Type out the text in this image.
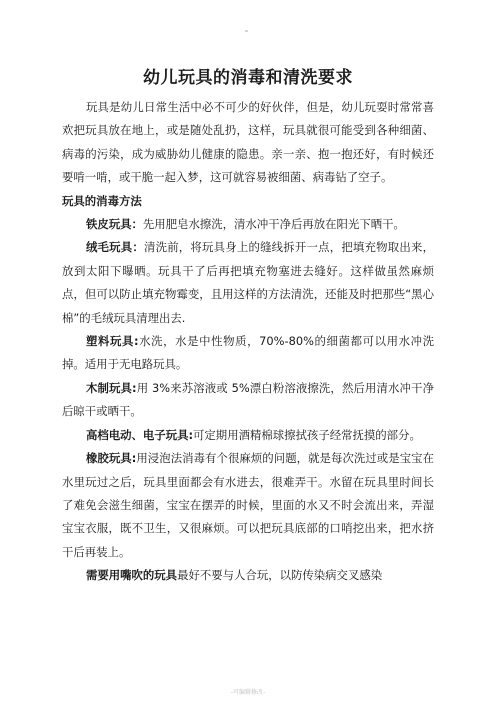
幼儿玩具的消毒和清洗要求

玩具是幼儿日常生活中必不可少的好伙伴，但是，幼儿玩耍时常常喜欢把玩具放在地上，或是随处乱扔，这样，玩具就很可能受到各种细菌、病毒的污染，成为威胁幼儿健康的隐患。亲一亲、抱一抱还好，有时候还要啃一啃，或干脆一起入梦，这可就容易被细菌、病毒钻了空子。

玩具的消毒方法

铁皮玩具：先用肥皂水擦洗，清水冲干净后再放在阳光下晒干。

绒毛玩具：清洗前，将玩具身上的缝线拆开一点，把填充物取出来，放到太阳下曝晒。玩具干了后再把填充物塞进去缝好。这样做虽然麻烦点，但可以防止填充物霉变，且用这样的方法清洗，还能及时把那些“黑心棉”的毛绒玩具清理出去.

塑料玩具:水洗，水是中性物质，70%-80%的细菌都可以用水冲洗掉。适用于无电路玩具。

木制玩具:用 3%来苏溶液或 5%漂白粉溶液擦洗，然后用清水冲干净后晾干或晒干。

高档电动、电子玩具:可定期用酒精棉球擦拭孩子经常抚摸的部分。

橡胶玩具:用浸泡法消毒有个很麻烦的问题，就是每次洗过或是宝宝在水里玩过之后，玩具里面都会有水进去，很难弄干。水留在玩具里时间长了难免会滋生细菌，宝宝在摆弄的时候，里面的水又不时会流出来，弄湿宝宝衣服，既不卫生，又很麻烦。可以把玩具底部的口哨挖出来，把水挤干后再装上。

需要用嘴吹的玩具最好不要与人合玩，以防传染病交叉感染

-可编辑修改-
